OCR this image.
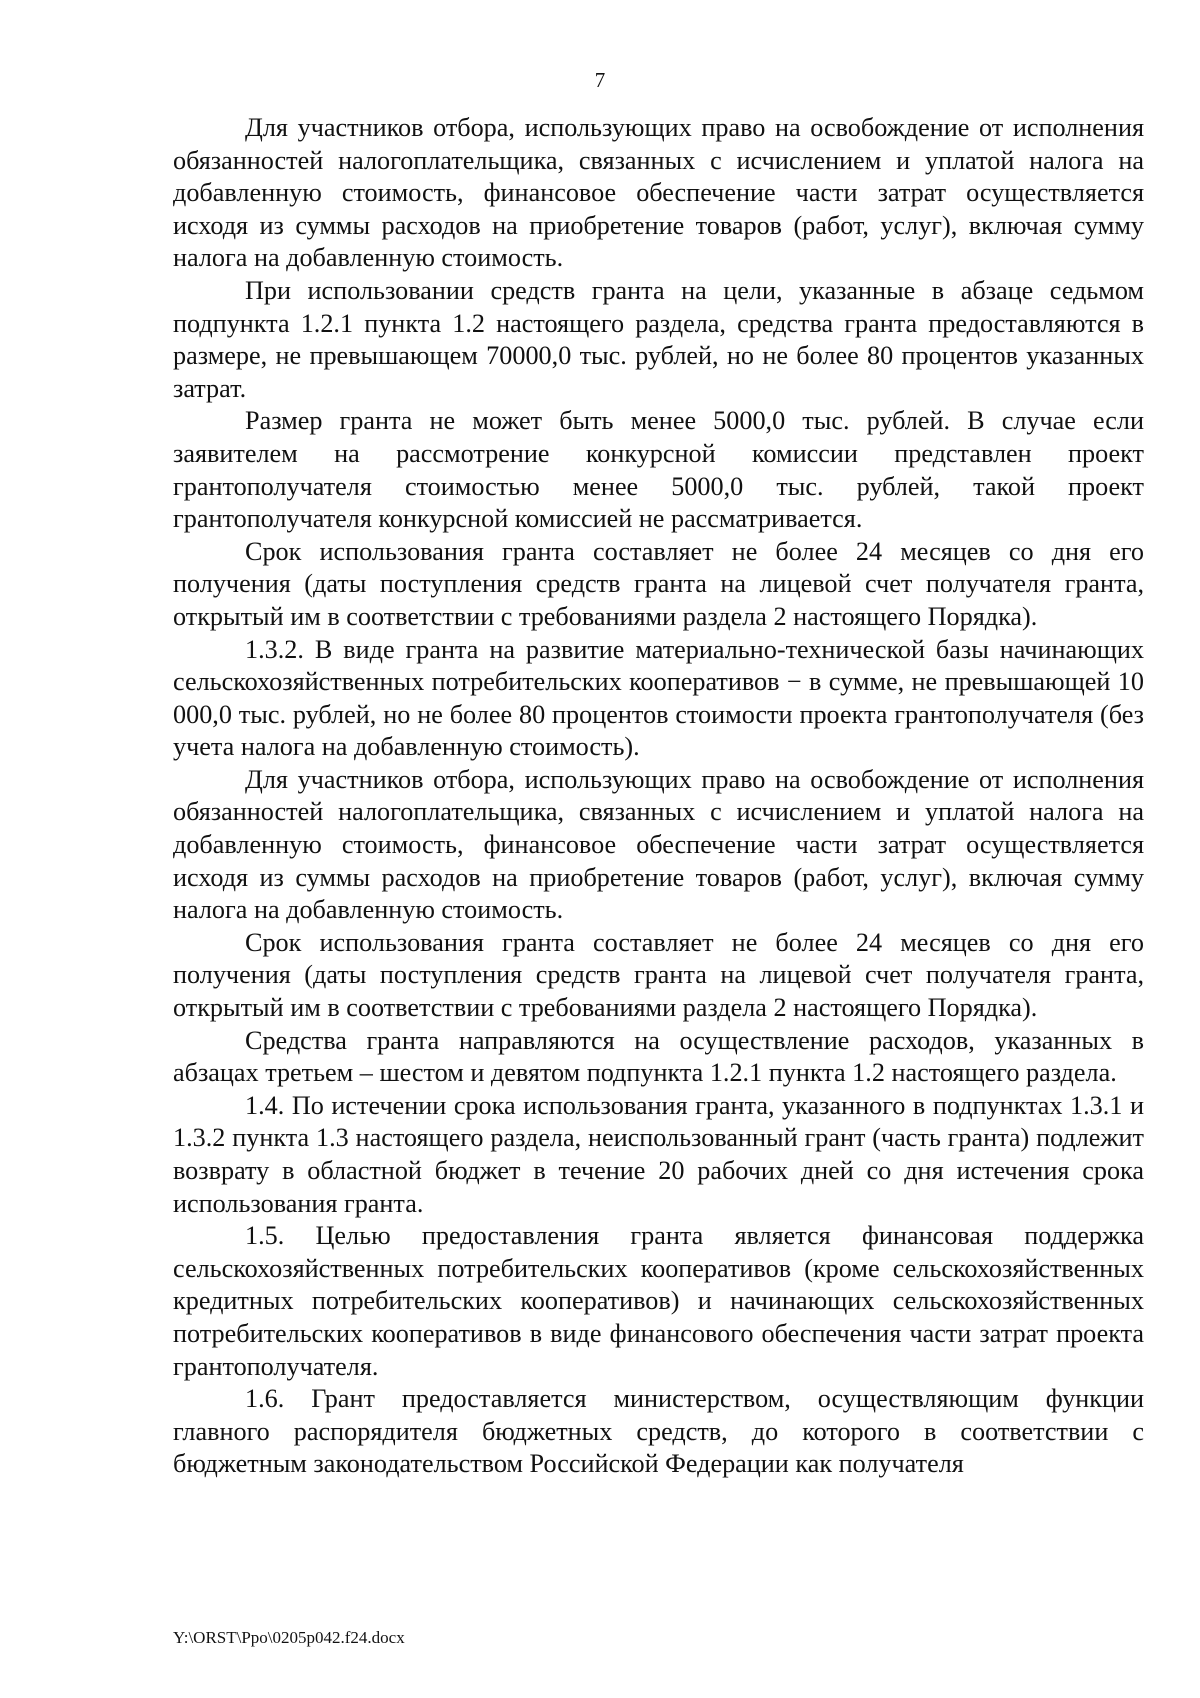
7

Для участников отбора, использующих право на освобождение от исполнения обязанностей налогоплательщика, связанных с исчислением и уплатой налога на добавленную стоимость, финансовое обеспечение части затрат осуществляется исходя из суммы расходов на приобретение товаров (работ, услуг), включая сумму налога на добавленную стоимость.

При использовании средств гранта на цели, указанные в абзаце седьмом подпункта 1.2.1 пункта 1.2 настоящего раздела, средства гранта предоставляются в размере, не превышающем 70000,0 тыс. рублей, но не более 80 процентов указанных затрат.

Размер гранта не может быть менее 5000,0 тыс. рублей. В случае если заявителем на рассмотрение конкурсной комиссии представлен проект грантополучателя стоимостью менее 5000,0 тыс. рублей, такой проект грантополучателя конкурсной комиссией не рассматривается.

Срок использования гранта составляет не более 24 месяцев со дня его получения (даты поступления средств гранта на лицевой счет получателя гранта, открытый им в соответствии с требованиями раздела 2 настоящего Порядка).

1.3.2. В виде гранта на развитие материально-технической базы начинающих сельскохозяйственных потребительских кооперативов − в сумме, не превышающей 10 000,0 тыс. рублей, но не более 80 процентов стоимости проекта грантополучателя (без учета налога на добавленную стоимость).

Для участников отбора, использующих право на освобождение от исполнения обязанностей налогоплательщика, связанных с исчислением и уплатой налога на добавленную стоимость, финансовое обеспечение части затрат осуществляется исходя из суммы расходов на приобретение товаров (работ, услуг), включая сумму налога на добавленную стоимость.

Срок использования гранта составляет не более 24 месяцев со дня его получения (даты поступления средств гранта на лицевой счет получателя гранта, открытый им в соответствии с требованиями раздела 2 настоящего Порядка).

Средства гранта направляются на осуществление расходов, указанных в абзацах третьем – шестом и девятом подпункта 1.2.1 пункта 1.2 настоящего раздела.

1.4. По истечении срока использования гранта, указанного в подпунктах 1.3.1 и 1.3.2 пункта 1.3 настоящего раздела, неиспользованный грант (часть гранта) подлежит возврату в областной бюджет в течение 20 рабочих дней со дня истечения срока использования гранта.

1.5. Целью предоставления гранта является финансовая поддержка сельскохозяйственных потребительских кооперативов (кроме сельскохозяйственных кредитных потребительских кооперативов) и начинающих сельскохозяйственных потребительских кооперативов в виде финансового обеспечения части затрат проекта грантополучателя.

1.6. Грант предоставляется министерством, осуществляющим функции главного распорядителя бюджетных средств, до которого в соответствии с бюджетным законодательством Российской Федерации как получателя

Y:\ORST\Ppo\0205p042.f24.docx
